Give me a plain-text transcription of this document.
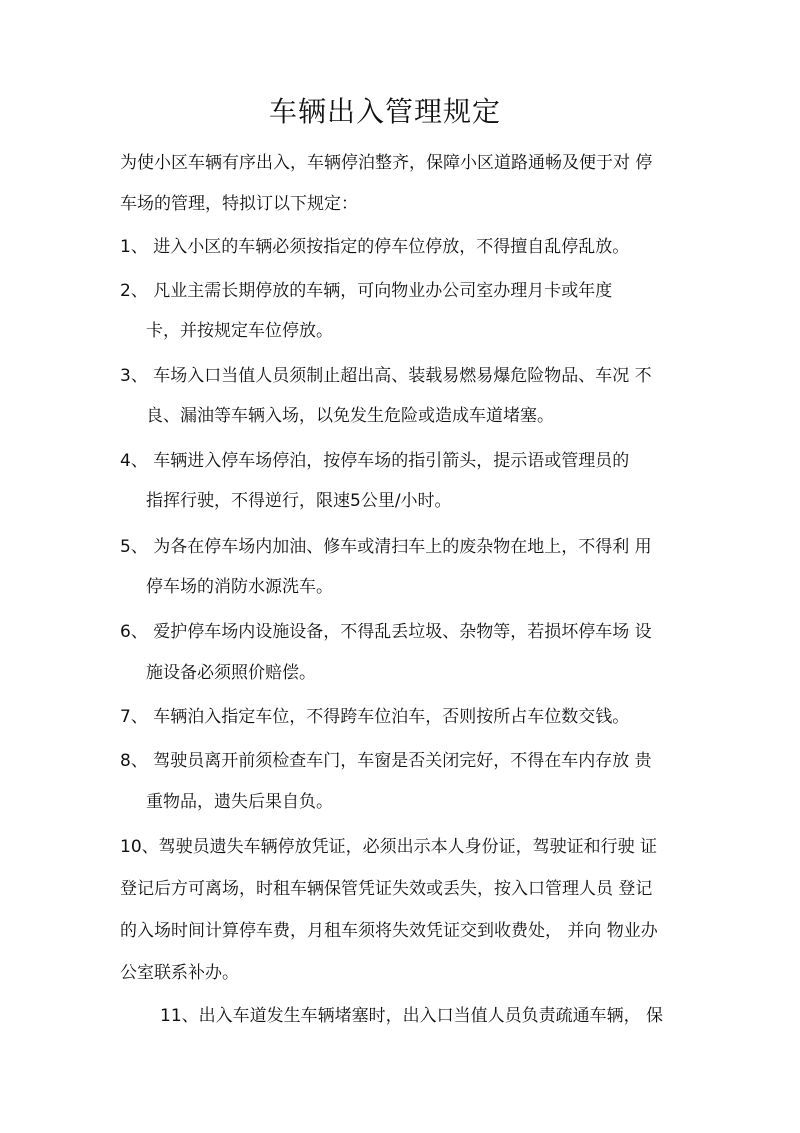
车辆出入管理规定
为使小区车辆有序出入，车辆停泊整齐，保障小区道路通畅及便于对 停
车场的管理，特拟订以下规定：
1、 进入小区的车辆必须按指定的停车位停放，不得擅自乱停乱放。
2、 凡业主需长期停放的车辆，可向物业办公司室办理月卡或年度
卡，并按规定车位停放。
3、 车场入口当值人员须制止超出高、装载易燃易爆危险物品、车况 不
良、漏油等车辆入场，以免发生危险或造成车道堵塞。
4、 车辆进入停车场停泊，按停车场的指引箭头，提示语或管理员的
指挥行驶，不得逆行，限速5公里/小时。
5、 为各在停车场内加油、修车或清扫车上的废杂物在地上，不得利 用
停车场的消防水源洗车。
6、 爱护停车场内设施设备，不得乱丢垃圾、杂物等，若损坏停车场 设
施设备必须照价赔偿。
7、 车辆泊入指定车位，不得跨车位泊车，否则按所占车位数交钱。
8、 驾驶员离开前须检查车门，车窗是否关闭完好，不得在车内存放 贵
重物品，遗失后果自负。
10、驾驶员遗失车辆停放凭证，必须出示本人身份证，驾驶证和行驶 证
登记后方可离场，时租车辆保管凭证失效或丢失，按入口管理人员 登记
的入场时间计算停车费，月租车须将失效凭证交到收费处， 并向 物业办
公室联系补办。
11、出入车道发生车辆堵塞时，出入口当值人员负责疏通车辆， 保
